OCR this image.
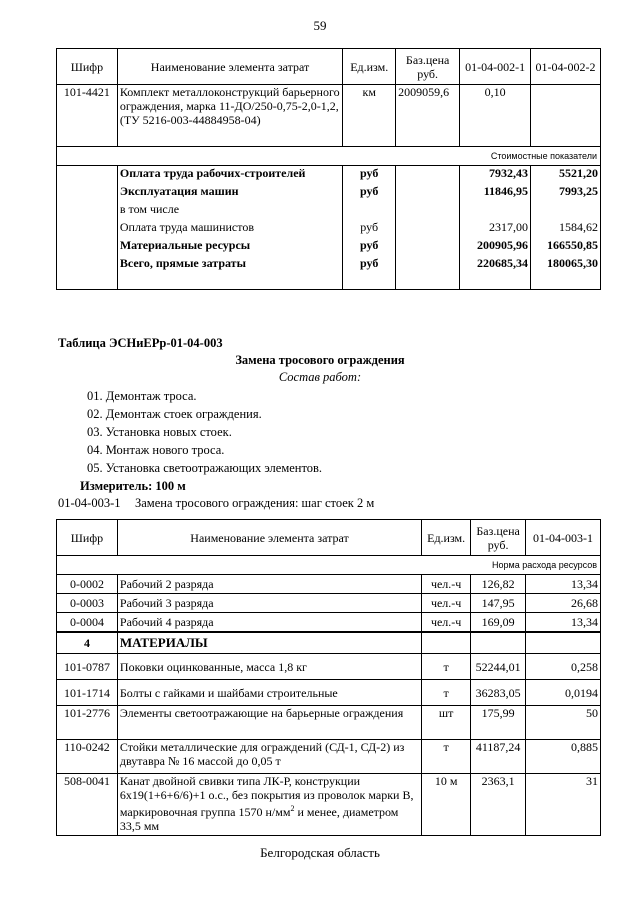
59
Шифр	Наименование элемента затрат	Ед.изм.	Баз.цена руб.	01-04-002-1	01-04-002-2
101-4421	Комплект металлоконструкций барьерного ограждения, марка 11-ДО/250-0,75-2,0-1,2, (ТУ 5216-003-44884958-04)	км	2009059,6	0,10	
Стоимостные показатели					
	Оплата труда рабочих-строителей	руб		7932,43	5521,20
	Эксплуатация машин	руб		11846,95	7993,25
	в том числе				
	Оплата труда машинистов	руб		2317,00	1584,62
	Материальные ресурсы	руб		200905,96	166550,85
	Всего, прямые затраты	руб		220685,34	180065,30
Таблица ЭСНиЕРр-01-04-003
Замена тросового ограждения
Состав работ:
01. Демонтаж троса.
02. Демонтаж стоек ограждения.
03. Установка новых стоек.
04. Монтаж нового троса.
05. Установка светоотражающих элементов.
Измеритель: 100 м
01-04-003-1 Замена тросового ограждения: шаг стоек 2 м
Шифр	Наименование элемента затрат	Ед.изм.	Баз.цена руб.	01-04-003-1
	Норма расхода ресурсов			
0-0002	Рабочий 2 разряда	чел.-ч	126,82	13,34
0-0003	Рабочий 3 разряда	чел.-ч	147,95	26,68
0-0004	Рабочий 4 разряда	чел.-ч	169,09	13,34
4	МАТЕРИАЛЫ			
101-0787	Поковки оцинкованные, масса 1,8 кг	т	52244,01	0,258
101-1714	Болты с гайками и шайбами строительные	т	36283,05	0,0194
101-2776	Элементы светоотражающие на барьерные ограждения	шт	175,99	50
110-0242	Стойки металлические для ограждений (СД-1, СД-2) из двутавра № 16 массой до 0,05 т	т	41187,24	0,885
508-0041	Канат двойной свивки типа ЛК-Р, конструкции 6х19(1+6+6/6)+1 о.с., без покрытия из проволок марки В, маркировочная группа 1570 $н/мм^2$ и менее, диаметром 33,5 мм	10 м	2363,1	31
Белгородская область
